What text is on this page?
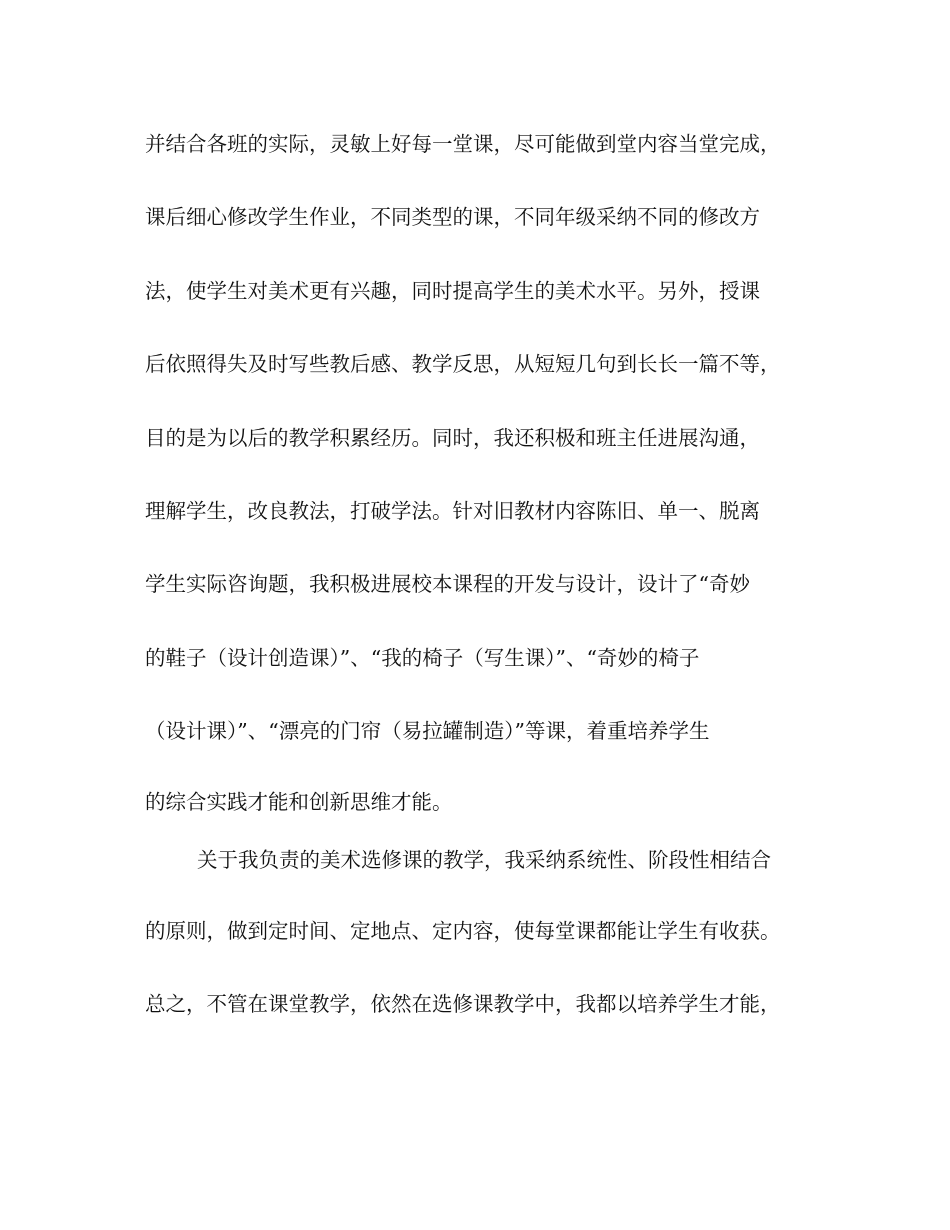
并结合各班的实际，灵敏上好每一堂课，尽可能做到堂内容当堂完成，
课后细心修改学生作业，不同类型的课，不同年级采纳不同的修改方
法，使学生对美术更有兴趣，同时提高学生的美术水平。另外，授课
后依照得失及时写些教后感、教学反思，从短短几句到长长一篇不等，
目的是为以后的教学积累经历。同时，我还积极和班主任进展沟通，
理解学生，改良教法，打破学法。针对旧教材内容陈旧、单一、脱离
学生实际咨询题，我积极进展校本课程的开发与设计，设计了“奇妙
的鞋子（设计创造课）”、“我的椅子（写生课）”、“奇妙的椅子
（设计课）”、“漂亮的门帘（易拉罐制造）”等课，着重培养学生
的综合实践才能和创新思维才能。
关于我负责的美术选修课的教学，我采纳系统性、阶段性相结合
的原则，做到定时间、定地点、定内容，使每堂课都能让学生有收获。
总之，不管在课堂教学，依然在选修课教学中，我都以培养学生才能，
